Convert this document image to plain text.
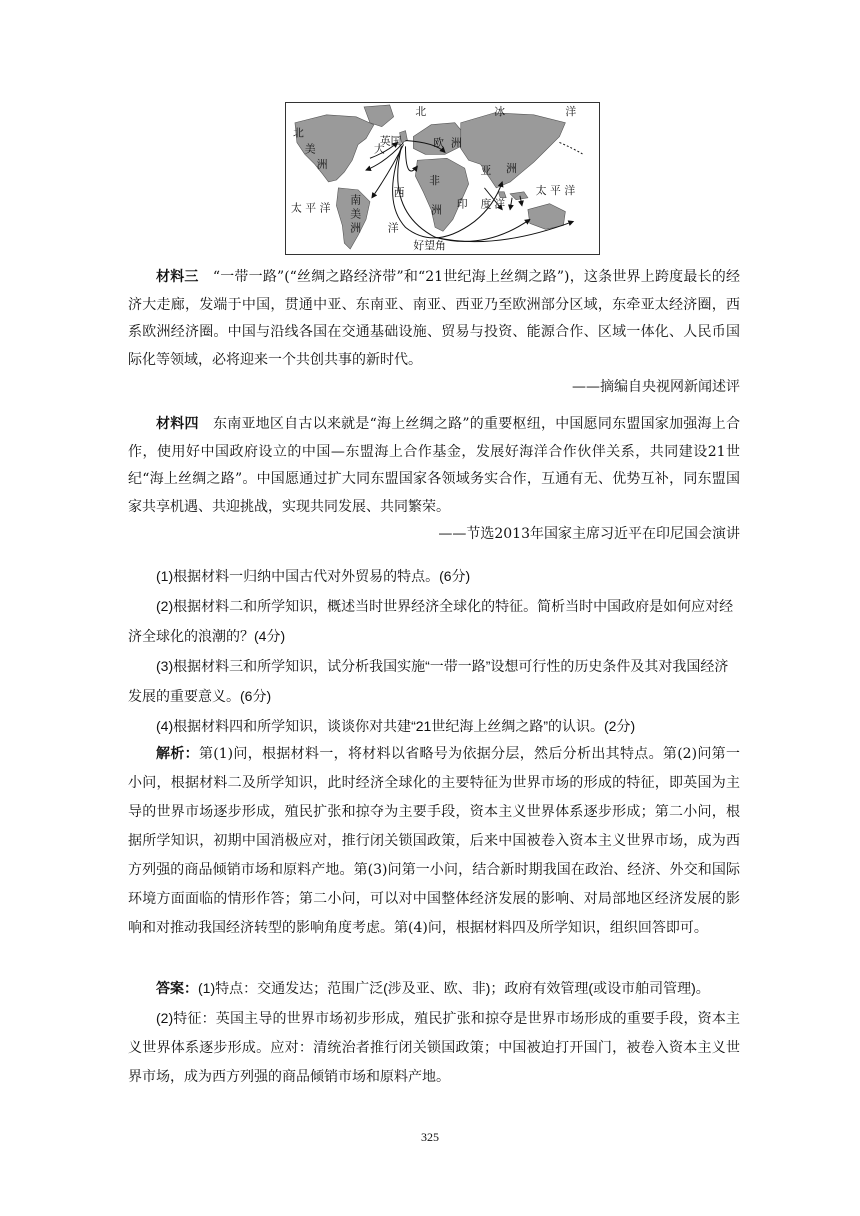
北	冰	洋
北
美
洲
英国
大	欧 洲
亚 洲
西
非
洲
南
美
洲
太 平 洋
太 平 洋
印 度 洋
洋
好望角

材料三　 “一带一路”(“丝绸之路经济带”和“21世纪海上丝绸之路”)，这条世界上跨度最长的经济大走廊，发端于中国，贯通中亚、东南亚、南亚、西亚乃至欧洲部分区域，东牵亚太经济圈，西系欧洲经济圈。中国与沿线各国在交通基础设施、贸易与投资、能源合作、区域一体化、人民币国际化等领域，必将迎来一个共创共事的新时代。

——摘编自央视网新闻述评

材料四　 东南亚地区自古以来就是“海上丝绸之路”的重要枢纽，中国愿同东盟国家加强海上合作，使用好中国政府设立的中国—东盟海上合作基金，发展好海洋合作伙伴关系，共同建设21世纪“海上丝绸之路”。中国愿通过扩大同东盟国家各领域务实合作，互通有无、优势互补，同东盟国家共享机遇、共迎挑战，实现共同发展、共同繁荣。

——节选2013年国家主席习近平在印尼国会演讲

(1)根据材料一归纳中国古代对外贸易的特点。(6分)

(2)根据材料二和所学知识，概述当时世界经济全球化的特征。简析当时中国政府是如何应对经济全球化的浪潮的？(4分)

(3)根据材料三和所学知识，试分析我国实施“一带一路”设想可行性的历史条件及其对我国经济发展的重要意义。(6分)

(4)根据材料四和所学知识，谈谈你对共建“21世纪海上丝绸之路”的认识。(2分)

解析：第(1)问，根据材料一，将材料以省略号为依据分层，然后分析出其特点。第(2)问第一小问，根据材料二及所学知识，此时经济全球化的主要特征为世界市场的形成的特征，即英国为主导的世界市场逐步形成，殖民扩张和掠夺为主要手段，资本主义世界体系逐步形成；第二小问，根据所学知识，初期中国消极应对，推行闭关锁国政策，后来中国被卷入资本主义世界市场，成为西方列强的商品倾销市场和原料产地。第(3)问第一小问，结合新时期我国在政治、经济、外交和国际环境方面面临的情形作答；第二小问，可以对中国整体经济发展的影响、对局部地区经济发展的影响和对推动我国经济转型的影响角度考虑。第(4)问，根据材料四及所学知识，组织回答即可。

答案：(1)特点：交通发达；范围广泛(涉及亚、欧、非)；政府有效管理(或设市舶司管理)。

(2)特征：英国主导的世界市场初步形成，殖民扩张和掠夺是世界市场形成的重要手段，资本主义世界体系逐步形成。应对：清统治者推行闭关锁国政策；中国被迫打开国门，被卷入资本主义世界市场，成为西方列强的商品倾销市场和原料产地。

325
